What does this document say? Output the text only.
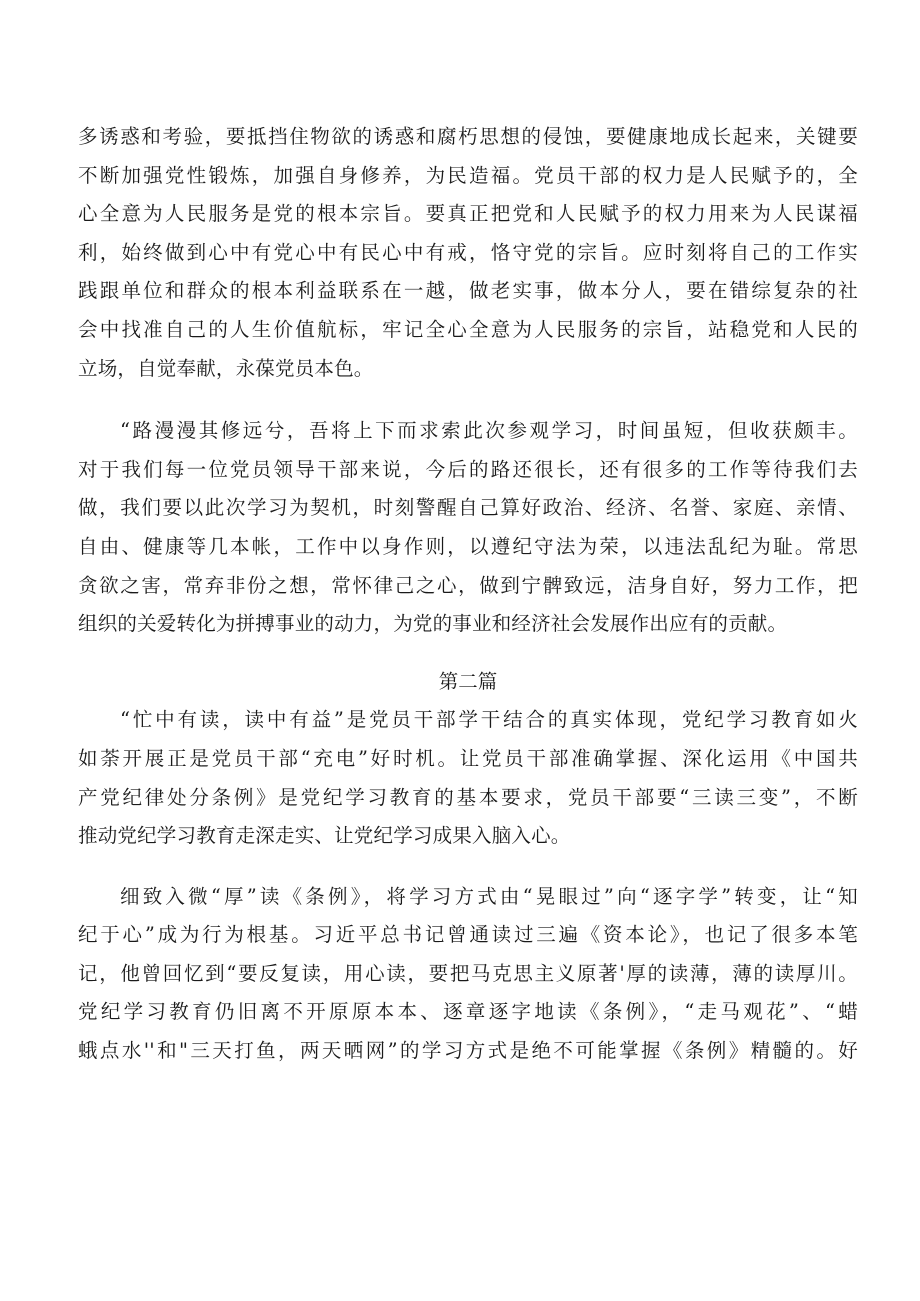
多诱惑和考验，要抵挡住物欲的诱惑和腐朽思想的侵蚀，要健康地成长起来，关键要
不断加强党性锻炼，加强自身修养，为民造福。党员干部的权力是人民赋予的，全
心全意为人民服务是党的根本宗旨。要真正把党和人民赋予的权力用来为人民谋福
利，始终做到心中有党心中有民心中有戒，恪守党的宗旨。应时刻将自己的工作实
践跟单位和群众的根本利益联系在一越，做老实事，做本分人，要在错综复杂的社
会中找准自己的人生价值航标，牢记全心全意为人民服务的宗旨，站稳党和人民的
立场，自觉奉献，永葆党员本色。
“路漫漫其修远兮，吾将上下而求索此次参观学习，时间虽短，但收获颇丰。
对于我们每一位党员领导干部来说，今后的路还很长，还有很多的工作等待我们去
做，我们要以此次学习为契机，时刻警醒自己算好政治、经济、名誉、家庭、亲情、
自由、健康等几本帐，工作中以身作则，以遵纪守法为荣，以违法乱纪为耻。常思
贪欲之害，常弃非份之想，常怀律己之心，做到宁髀致远，洁身自好，努力工作，把
组织的关爱转化为拼搏事业的动力，为党的事业和经济社会发展作出应有的贡献。
第二篇
“忙中有读，读中有益”是党员干部学干结合的真实体现，党纪学习教育如火
如荼开展正是党员干部“充电”好时机。让党员干部准确掌握、深化运用《中国共
产党纪律处分条例》是党纪学习教育的基本要求，党员干部要“三读三变”，不断
推动党纪学习教育走深走实、让党纪学习成果入脑入心。
细致入微“厚”读《条例》，将学习方式由“晃眼过”向“逐字学”转变，让“知
纪于心”成为行为根基。习近平总书记曾通读过三遍《资本论》，也记了很多本笔
记，他曾回忆到“要反复读，用心读，要把马克思主义原著'厚的读薄，薄的读厚川。
党纪学习教育仍旧离不开原原本本、逐章逐字地读《条例》，“走马观花”、“蜡
蛾点水''和"三天打鱼，两天晒网”的学习方式是绝不可能掌握《条例》精髓的。好
